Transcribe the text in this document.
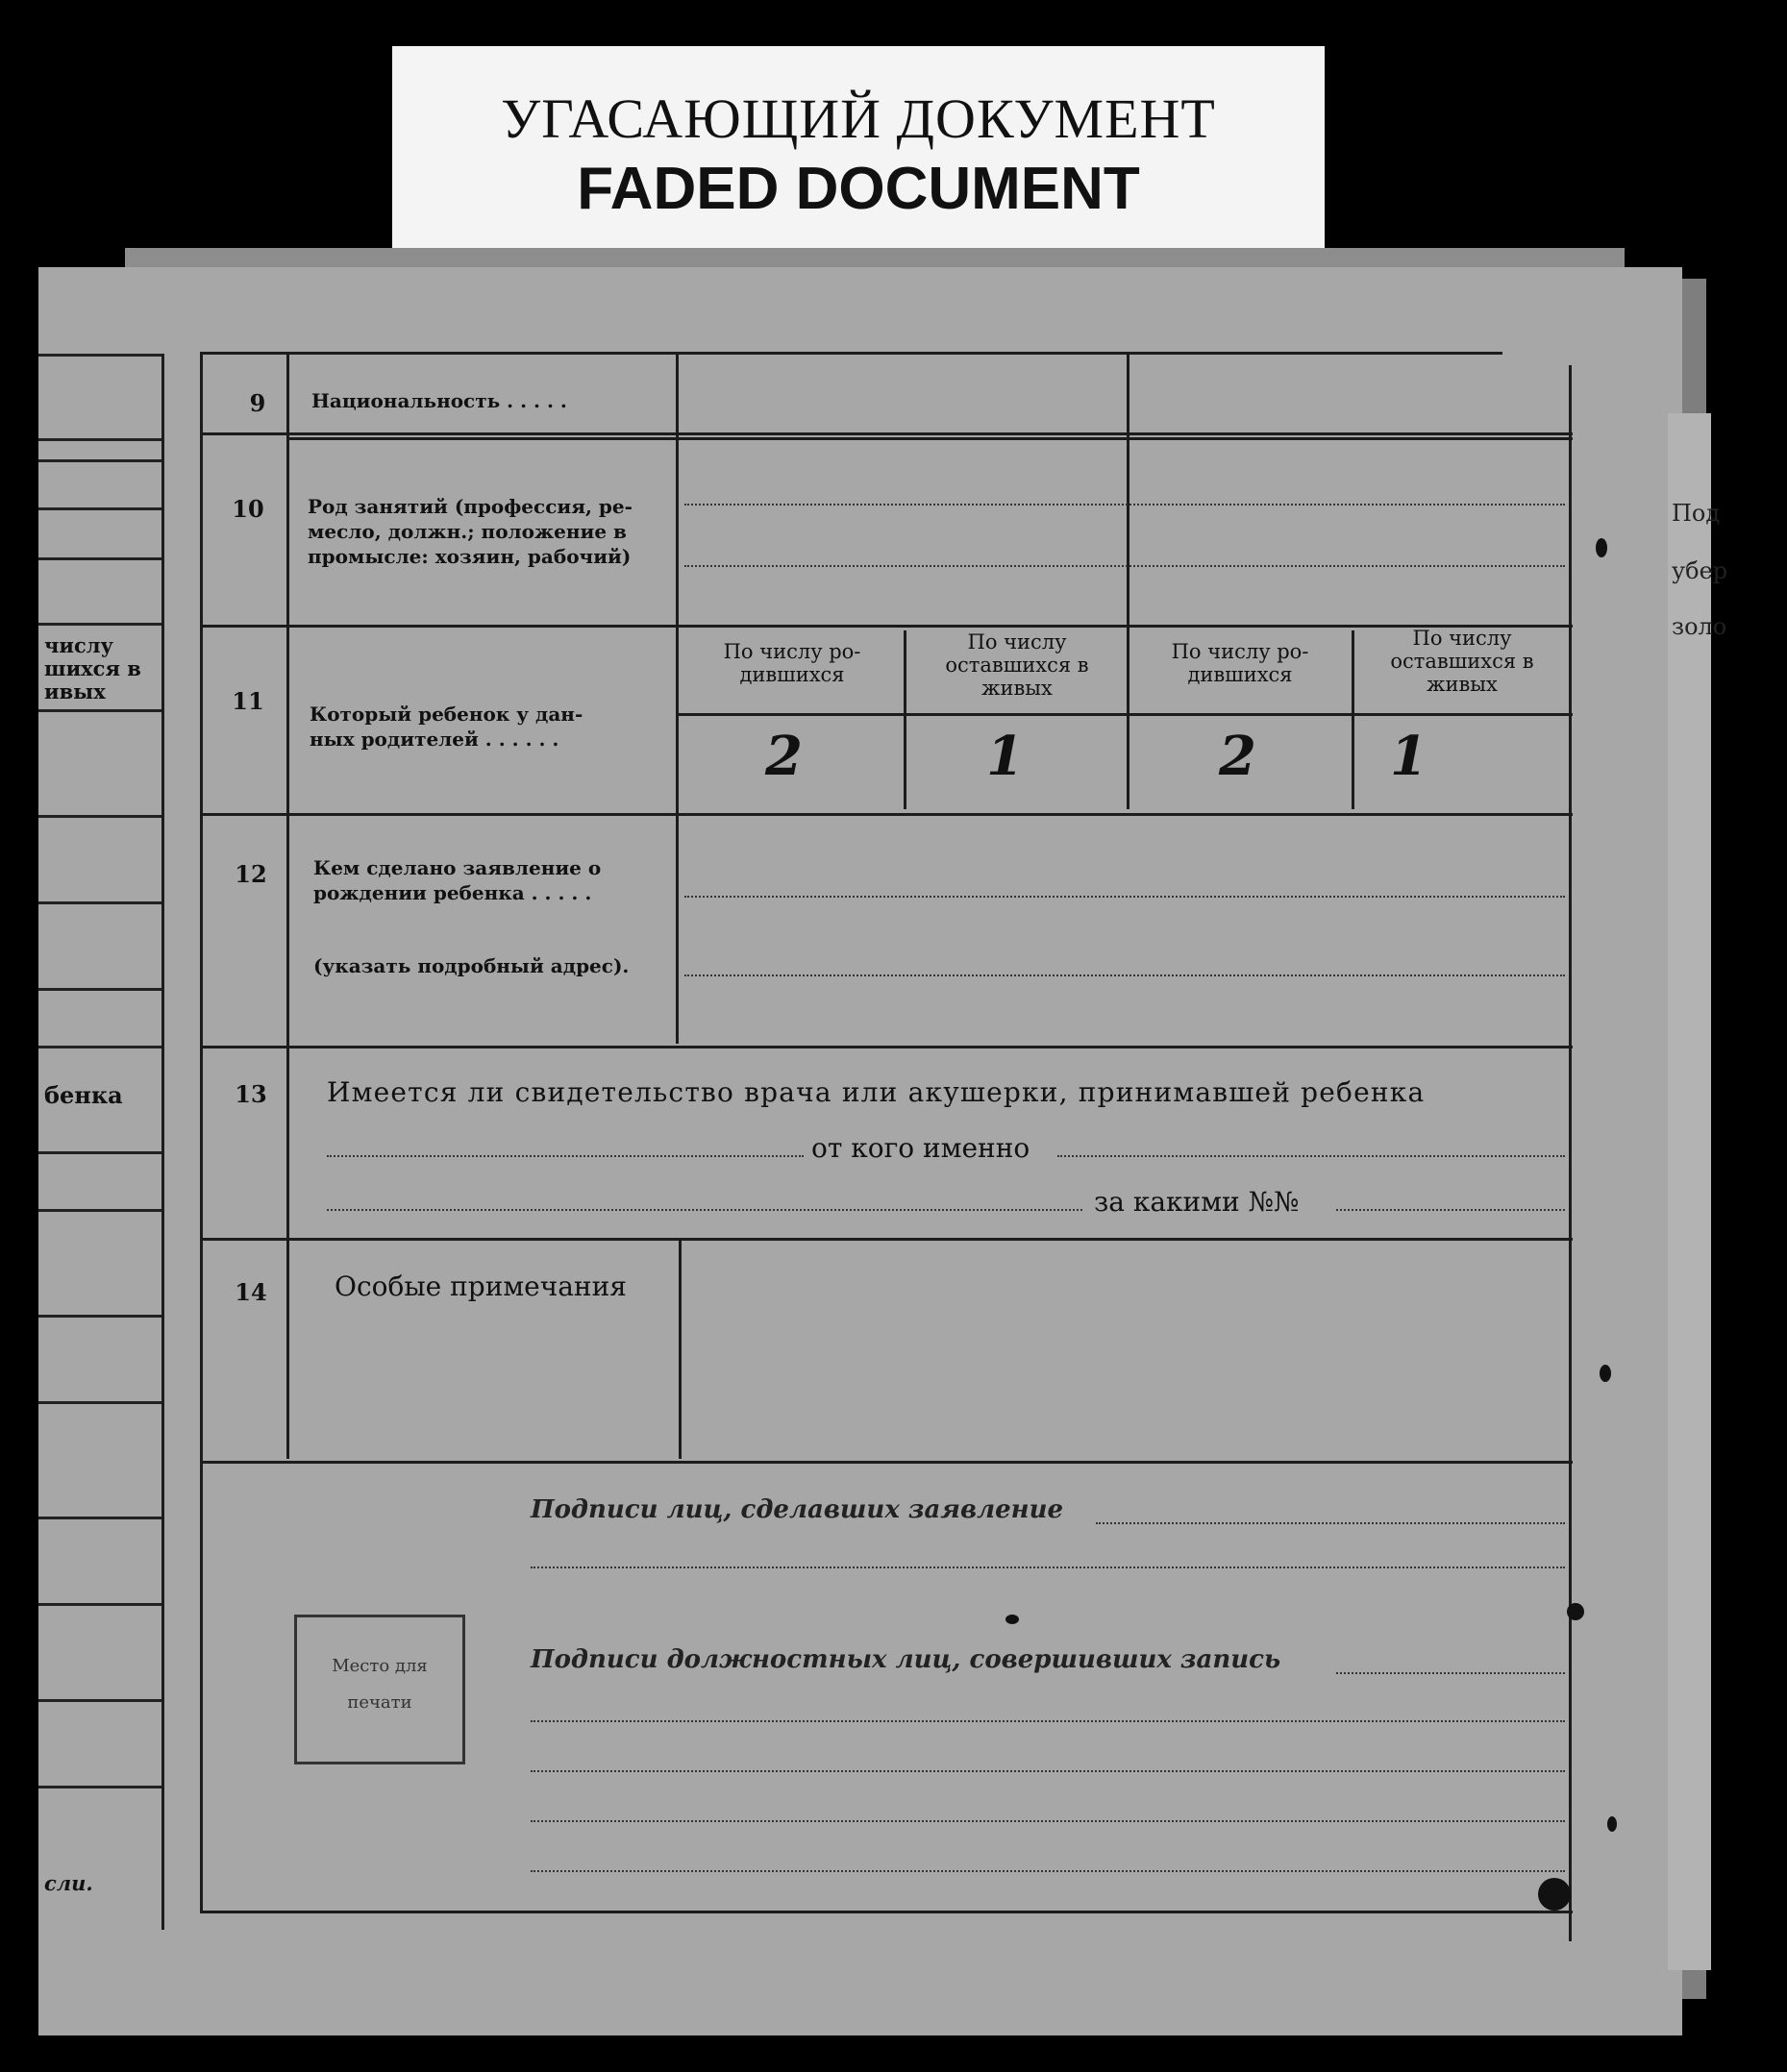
УГАСАЮЩИЙ ДОКУМЕНТ
FADED DOCUMENT
Под
убер
золо
числу
шихся в
ивых
бенка
сли.
9
10
11
12
13
14
Национальность . . . . .
Род занятий (профессия, ре-
месло, должн.; положение в
промысле: хозяин, рабочий)
Который ребенок у дан-
ных родителей . . . . . .
Кем сделано заявление о
рождении ребенка . . . . .
(указать подробный адрес).
Особые примечания
По числу ро-
дившихся
По числу
оставшихся в
живых
По числу ро-
дившихся
По числу
оставшихся в
живых
2	1	2 1
Имеется ли свидетельство врача или акушерки, принимавшей ребенка
от кого именно
за какими №№
Подписи лиц, сделавших заявление
Подписи должностных лиц, совершивших запись
Место для
печати
